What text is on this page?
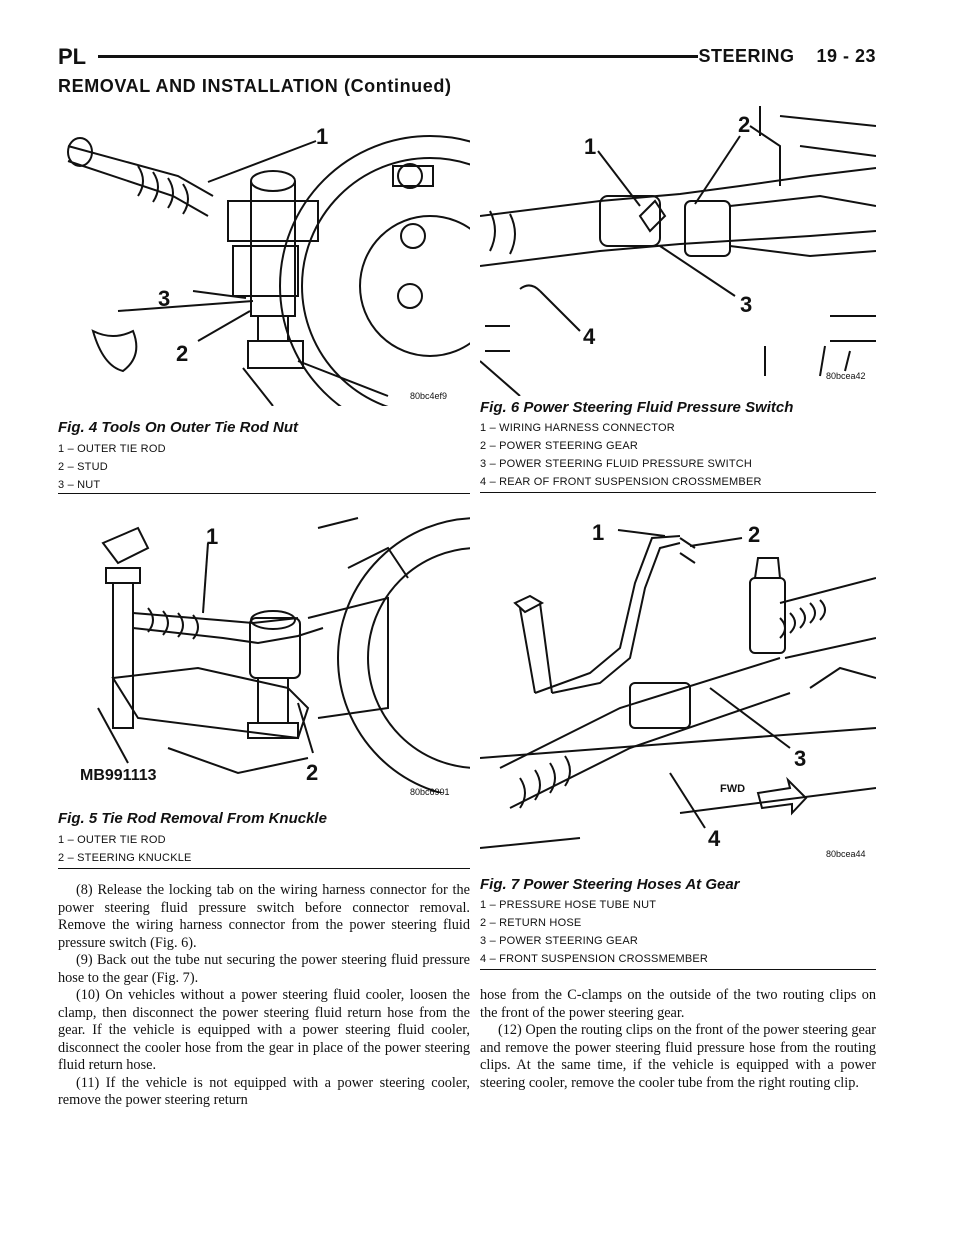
PL	STEERING    19 - 23
REMOVAL AND INSTALLATION (Continued)
1
3
2
80bc4ef9
Fig. 4 Tools On Outer Tie Rod Nut
1 – OUTER TIE ROD
2 – STUD
3 – NUT
1
2
MB991113
80bc6901
Fig. 5 Tie Rod Removal From Knuckle
1 – OUTER TIE ROD
2 – STEERING KNUCKLE
1
2
3
4
80bcea42
Fig. 6 Power Steering Fluid Pressure Switch
1 – WIRING HARNESS CONNECTOR
2 – POWER STEERING GEAR
3 – POWER STEERING FLUID PRESSURE SWITCH
4 – REAR OF FRONT SUSPENSION CROSSMEMBER
1	2
3
4
FWD
80bcea44
Fig. 7 Power Steering Hoses At Gear
1 – PRESSURE HOSE TUBE NUT
2 – RETURN HOSE
3 – POWER STEERING GEAR
4 – FRONT SUSPENSION CROSSMEMBER

(8) Release the locking tab on the wiring harness connector for the power steering fluid pressure switch before connector removal. Remove the wiring harness connector from the power steering fluid pressure switch (Fig. 6).

(9) Back out the tube nut securing the power steering fluid pressure hose to the gear (Fig. 7).

(10) On vehicles without a power steering fluid cooler, loosen the clamp, then disconnect the power steering fluid return hose from the gear. If the vehicle is equipped with a power steering fluid cooler, disconnect the cooler hose from the gear in place of the power steering fluid return hose.

(11) If the vehicle is not equipped with a power steering cooler, remove the power steering return

hose from the C-clamps on the outside of the two routing clips on the front of the power steering gear.

(12) Open the routing clips on the front of the power steering gear and remove the power steering fluid pressure hose from the routing clips. At the same time, if the vehicle is equipped with a power steering cooler, remove the cooler tube from the right routing clip.
